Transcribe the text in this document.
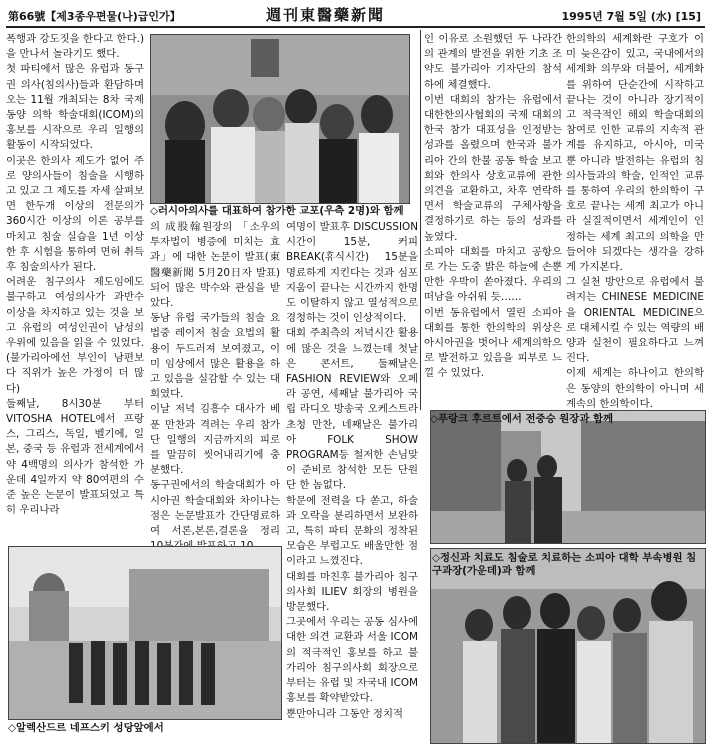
第66號【제3종우편물(나)급인가】	週刊東醫藥新聞	1995년 7월 5일 (水) [15]

폭행과 강도짓을 한다고 한다.)을 만나서 놀라기도 했다.
첫 파티에서 많은 유럽과 동구권 의사(침의사)들과 환담하며 오는 11월 개최되는 8차 국제 동양 의학 학술대회(ICOM)의 홍보를 시작으로 우리 일행의 활동이 시작되었다.
이곳은 한의사 제도가 없어 주로 양의사들이 침술을 시행하고 있고 그 제도를 자세 살펴보면 한두개 이상의 전문의가 360시간 이상의 이론 공부를 마치고 침술 실습을 1년 이상 한 후 시험을 통하여 면허 취득 후 침술의사가 된다.
어려운 침구의사 제도임에도 불구하고 여성의사가 과반수 이상을 차지하고 있는 것을 보고 유럽의 여성인권이 남성의 우위에 있음을 읽을 수 있었다.(불가리아에선 부인이 남편보다 직위가 높은 가정이 더 많다)
둘째날, 8시30분 부터 VITOSHA HOTEL에서 프랑스, 그리스, 독일, 벨기에, 일본, 중국 등 유럽과 전세계에서 약 4백명의 의사가 참석한 가운데 4일까지 약 80여편의 수준 높은 논문이 발표되었고 특히 우리나라

◇러시아의사를 대표하여 참가한 교포(우측 2명)와 함께

의 成股翰원장의 「소우의 투자법이 병증에 미치는 효과」에 대한 논문이 발표(東醫藥新聞 5月20日자 발표)되어 많은 박수와 관심을 받았다.
동남 유럽 국가들의 침술 요법중 레이저 침술 요법의 활용이 두드러져 보여졌고, 이미 임상에서 많은 활용을 하고 있음을 실감할 수 있는 대회였다.
이날 저녁 김흥수 대사가 베푼 만찬과 격려는 우리 참가단 일행의 지금까지의 피로를 말끔히 씻어내리기에 충분했다.
동구권에서의 학술대회가 아시아권 학술대회와 차이나는 점은 논문발표가 간단명료하여 서론,본론,결론을 정리

여명이 발표후 DISCUSSION시간이 15분, 커피BREAK(휴식시간) 15분을 명료하게 지킨다는 것과 심포지움이 끝나는 시간까지 한명도 이탈하지 않고 열성적으로 경청하는 것이 인상적이다.
대회 주최측의 저녁시간 활용에 많은 것을 느꼈는데 첫날은 콘서트, 둘째날은 FASHION REVIEW와 오페라 공연, 세째날 불가리아 국립 라디오 방송국 오케스트라 초청 만찬, 네째날은 불가리아 FOLK SHOW PROGRAM등 철저한 손님맞이 준비로 참석한 모든 단원 단 한 놈없다.
학문에 전력을 다 쏟고, 하술과 오락을 분리하면서 보완하고, 특히 파티 문화의 정착된 모습은 부럽고도 배울만한 점이라고 느꼈진다.
대회를 마친후 불가리아 침구의사회 ILIEV 회장의 병원을 방문했다.
그곳에서 우리는 공동 심사에 대한 의견 교환과 서울 ICOM의 적극적인 홍보를 하고 불가리아 침구의사회 회장으로 부터는 유럽 및 자국내 ICOM 홍보를 확약받았다.
뿐만아니라 그동안 정치적

인 이유로 소원했던 두 나라간의 관계의 발전을 위한 기초 조약도 불가리아 기자단의 참석하에 체결했다.
이번 대회의 참가는 유럽에서 대한한의사협회의 국제 대회의 한국 참가 대표성을 인정받는 성과를 올렸으며 한국과 불가리아 간의 한불 공동 학술 보고회와 한의사 상호교류에 관한 의견을 교환하고, 차후 연락하면서 학술교류의 구체사항을 결정하기로 하는 등의 성과를 높였다.
소피아 대회를 마치고 공항으로 가는 도중 밝은 하늘에 손뿐만한 우박이 쏟아졌다. 우리의 떠남을 아쉬워 듯……
이번 동유럽에서 열린 소피아 대회를 통한 한의학의 위상은 아시아권을 벗어나 세계의학으로 발전하고 있음을 피부로 느낄 수 있었다.

한의학의 세계화란 구호가 이미 늦은감이 있고, 국내에서의 세계화 의무와 더불어, 세계화를 위하여 단순간에 시작하고 끝나는 것이 아니라 장기적이고 적극적인 해외 학술대회의 참여로 인한 교류의 지속적 관계를 유지하고, 아시아, 미국 뿐 아니라 발전하는 유럽의 침의사들과의 학술, 인적인 교류를 통하여 우리의 한의학이 구호로 끝나는 세계 최고가 아니라 실질적이면서 세계인이 인정하는 세계 최고의 의학을 만들어야 되겠다는 생각을 강하게 가지본다.
그 실천 방안으로 유럽에서 불려지는 CHINESE MEDICINE을 ORIENTAL MEDICINE으로 대체시킬 수 있는 역량의 배양과 실천이 필요하다고 느껴진다.
이제 세계는 하나이고 한의학은 동양의 한의학이 아니며 세계속의 한의학이다.

◇푸랑크 후르트에서 전중승 원장과 함께
◇정신과 치료도 침술로 치료하는 소피아 대학 부속병원 침구과장(가운데)과 함께
◇알렉산드르 네프스키 성당앞에서
